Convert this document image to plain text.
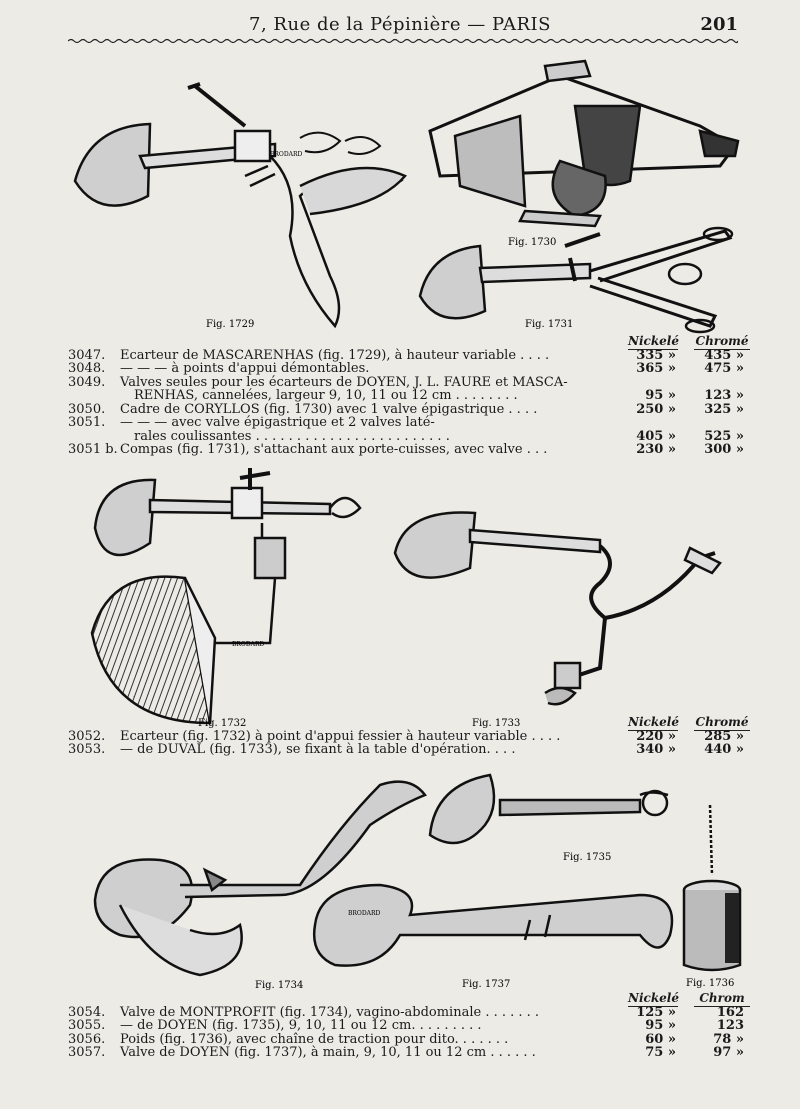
7, Rue de la Pépinière — PARIS	201
Fig. 1729
Fig. 1730
Fig. 1731
BRODARD
Nickelé Chromé
3047.	Ecarteur de MASCARENHAS (fig. 1729), à hauteur variable . . . .	335 »	435 »
3048.	— — — à points d'appui démontables.	365 »	475 »
3049.	Valves seules pour les écarteurs de DOYEN, J. L. FAURE et MASCA-
RENHAS, cannelées, largeur 9, 10, 11 ou 12 cm . . . . . . . .	95 »	123 »
3050.	Cadre de CORYLLOS (fig. 1730) avec 1 valve épigastrique . . . .	250 »	325 »
3051.	— — — avec valve épigastrique et 2 valves laté-
rales coulissantes . . . . . . . . . . . . . . . . . . . . . . . .	405 »	525 »
3051 b. Compas (fig. 1731), s'attachant aux porte-cuisses, avec valve . . .	230 »	300 »
Fig. 1732	Fig. 1733
BRODARD
Nickelé Chromé
3052.	Ecarteur (fig. 1732) à point d'appui fessier à hauteur variable . . . .	220 »	285 »
3053.	— de DUVAL (fig. 1733), se fixant à la table d'opération. . . .	340 »	440 »
Fig. 1734
Fig. 1735
Fig. 1737	Fig. 1736
BRODARD
Nickelé	Chrom
3054.	Valve de MONTPROFIT (fig. 1734), vagino-abdominale . . . . . . .	125 »	162
3055.	— de DOYEN (fig. 1735), 9, 10, 11 ou 12 cm. . . . . . . . .	95 »	123
3056.	Poids (fig. 1736), avec chaîne de traction pour dito. . . . . . .	60 »	78 »
3057.	Valve de DOYEN (fig. 1737), à main, 9, 10, 11 ou 12 cm . . . . . .	75 »	97 »
